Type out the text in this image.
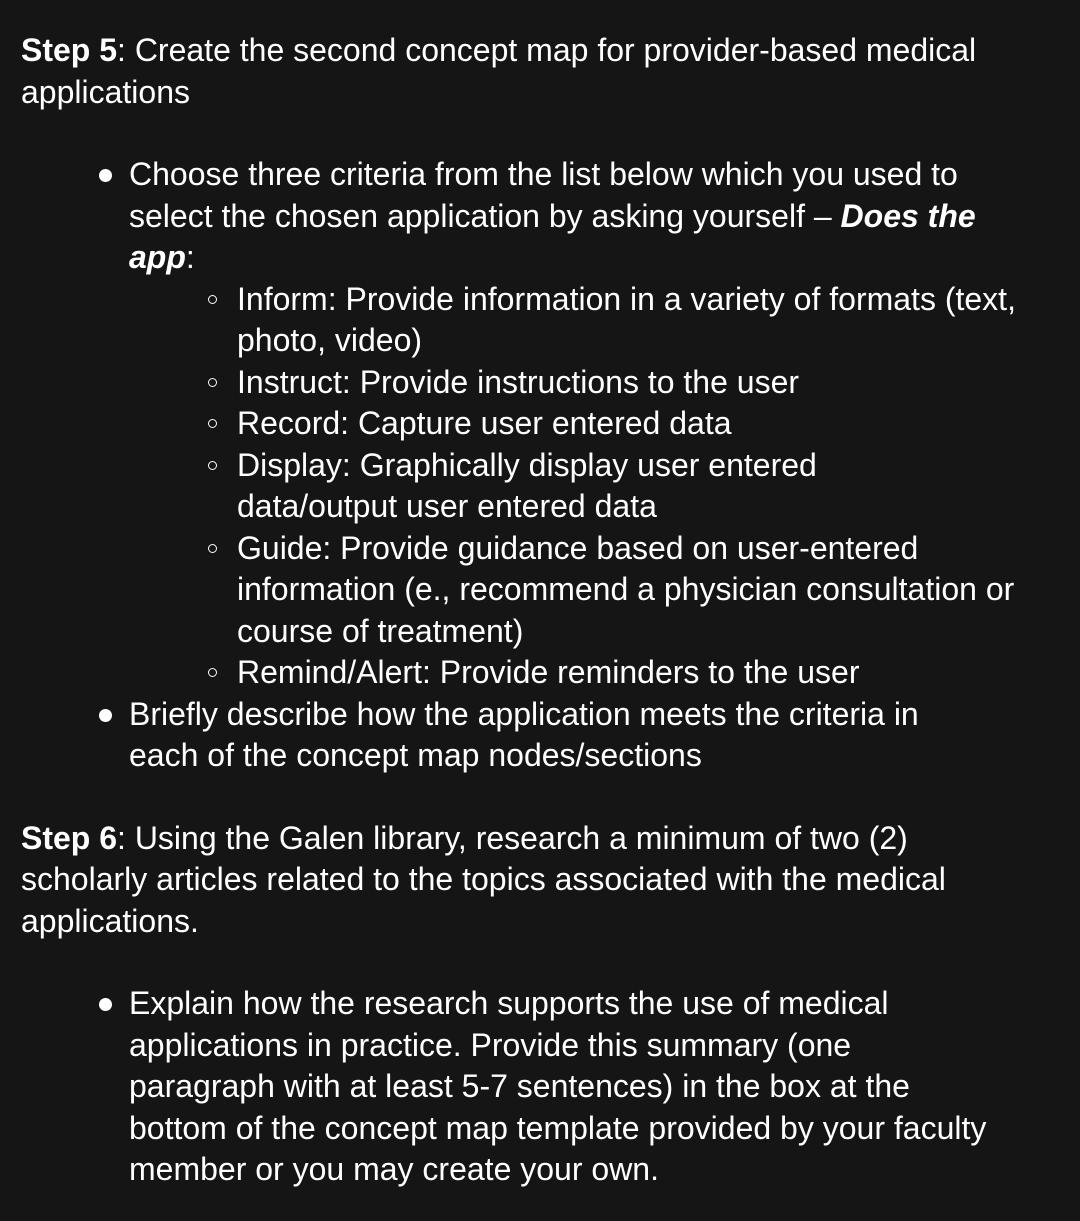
Step 5: Create the second concept map for provider-based medical applications

Choose three criteria from the list below which you used to select the chosen application by asking yourself – Does the app:
Inform: Provide information in a variety of formats (text, photo, video)
Instruct: Provide instructions to the user
Record: Capture user entered data
Display: Graphically display user entered data/output user entered data
Guide: Provide guidance based on user-entered information (e., recommend a physician consultation or course of treatment)
Remind/Alert: Provide reminders to the user
Briefly describe how the application meets the criteria in each of the concept map nodes/sections

Step 6: Using the Galen library, research a minimum of two (2) scholarly articles related to the topics associated with the medical applications.

Explain how the research supports the use of medical applications in practice. Provide this summary (one paragraph with at least 5-7 sentences) in the box at the bottom of the concept map template provided by your faculty member or you may create your own.
